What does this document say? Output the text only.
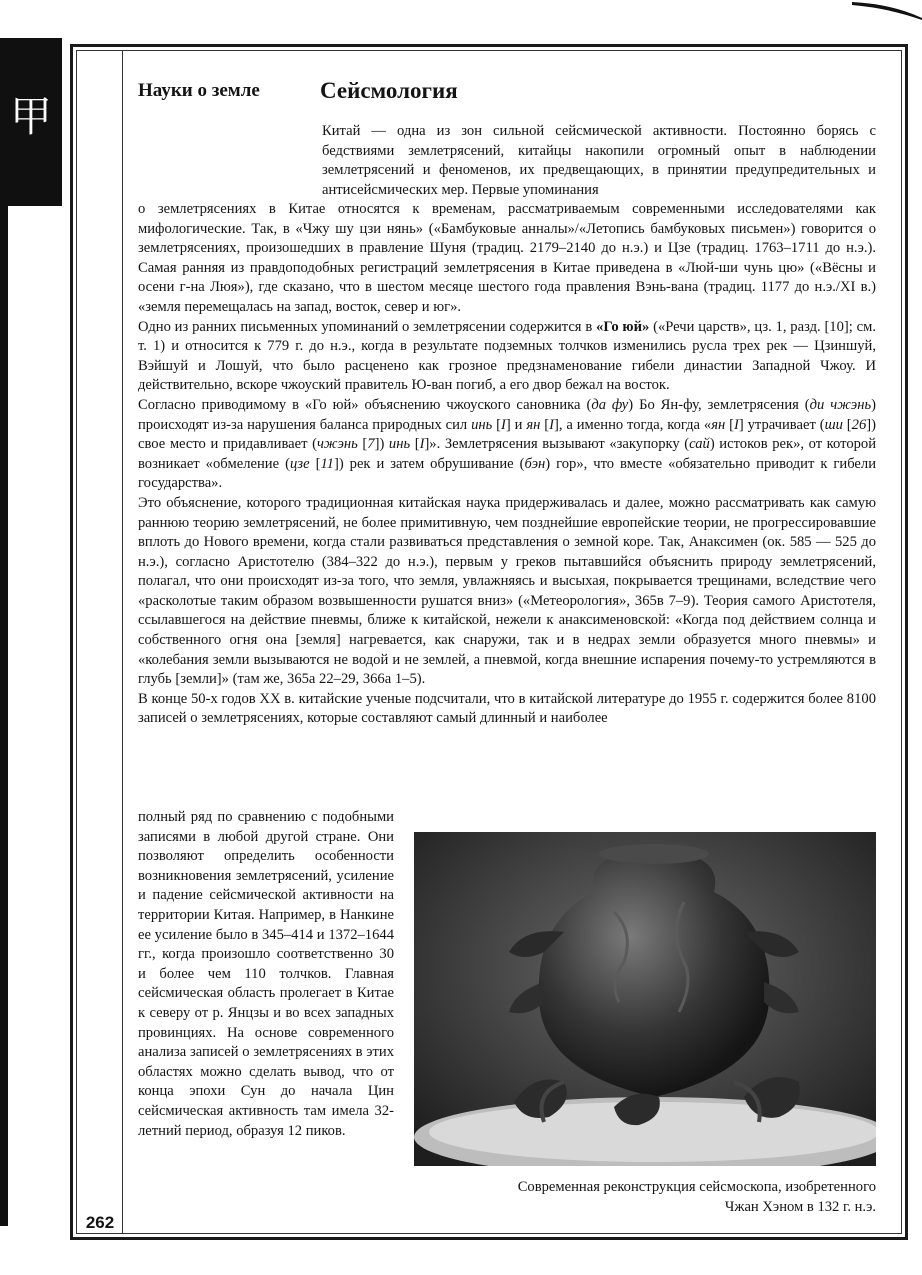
甲
Науки о земле	Сейсмология
Китай — одна из зон сильной сейсмической активности. Постоянно борясь с бедствиями землетрясений, китайцы накопили огромный опыт в наблюдении землетрясений и феноменов, их предвещающих, в принятии предупредительных и антисейсмических мер. Первые упоминания

о землетрясениях в Китае относятся к временам, рассматриваемым современными исследователями как мифологические. Так, в «Чжу шу цзи нянь» («Бамбуковые анналы»/«Летопись бамбуковых письмен») говорится о землетрясениях, произошедших в правление Шуня (традиц. 2179–2140 до н.э.) и Цзе (традиц. 1763–1711 до н.э.). Самая ранняя из правдоподобных регистраций землетрясения в Китае приведена в «Люй-ши чунь цю» («Вёсны и осени г-на Люя»), где сказано, что в шестом месяце шестого года правления Вэнь-вана (традиц. 1177 до н.э./XI в.) «земля перемещалась на запад, восток, север и юг».

Одно из ранних письменных упоминаний о землетрясении содержится в «Го юй» («Речи царств», цз. 1, разд. [10]; см. т. 1) и относится к 779 г. до н.э., когда в результате подземных толчков изменились русла трех рек — Цзиншуй, Вэйшуй и Лошуй, что было расценено как грозное предзнаменование гибели династии Западной Чжоу. И действительно, вскоре чжоуский правитель Ю-ван погиб, а его двор бежал на восток.

Согласно приводимому в «Го юй» объяснению чжоуского сановника (да фу) Бо Ян-фу, землетрясения (ди чжэнь) происходят из-за нарушения баланса природных сил инь [I] и ян [I], а именно тогда, когда «ян [I] утрачивает (ши [26]) свое место и придавливает (чжэнь [7]) инь [I]». Землетрясения вызывают «закупорку (сай) истоков рек», от которой возникает «обмеление (цзе [11]) рек и затем обрушивание (бэн) гор», что вместе «обязательно приводит к гибели государства».

Это объяснение, которого традиционная китайская наука придерживалась и далее, можно рассматривать как самую раннюю теорию землетрясений, не более примитивную, чем позднейшие европейские теории, не прогрессировавшие вплоть до Нового времени, когда стали развиваться представления о земной коре. Так, Анаксимен (ок. 585 — 525 до н.э.), согласно Аристотелю (384–322 до н.э.), первым у греков пытавшийся объяснить природу землетрясений, полагал, что они происходят из-за того, что земля, увлажняясь и высыхая, покрывается трещинами, вследствие чего «расколотые таким образом возвышенности рушатся вниз» («Метеорология», 365в 7–9). Теория самого Аристотеля, ссылавшегося на действие пневмы, ближе к китайской, нежели к анаксименовской: «Когда под действием солнца и собственного огня она [земля] нагревается, как снаружи, так и в недрах земли образуется много пневмы» и «колебания земли вызываются не водой и не землей, а пневмой, когда внешние испарения почему-то устремляются в глубь [земли]» (там же, 365а 22–29, 366а 1–5).

В конце 50-х годов XX в. китайские ученые подсчитали, что в китайской литературе до 1955 г. содержится более 8100 записей о землетрясениях, которые составляют самый длинный и наиболее

полный ряд по сравнению с подобными записями в любой другой стране. Они позволяют определить особенности возникновения землетрясений, усиление и падение сейсмической активности на территории Китая. Например, в Нанкине ее усиление было в 345–414 и 1372–1644 гг., когда произошло соответственно 30 и более чем 110 толчков. Главная сейсмическая область пролегает в Китае к северу от р. Янцзы и во всех западных провинциях. На основе современного анализа записей о землетрясениях в этих областях можно сделать вывод, что от конца эпохи Сун до начала Цин сейсмическая активность там имела 32-летний период, образуя 12 пиков.

Современная реконструкция сейсмоскопа, изобретенного
Чжан Хэном в 132 г. н.э.
262
